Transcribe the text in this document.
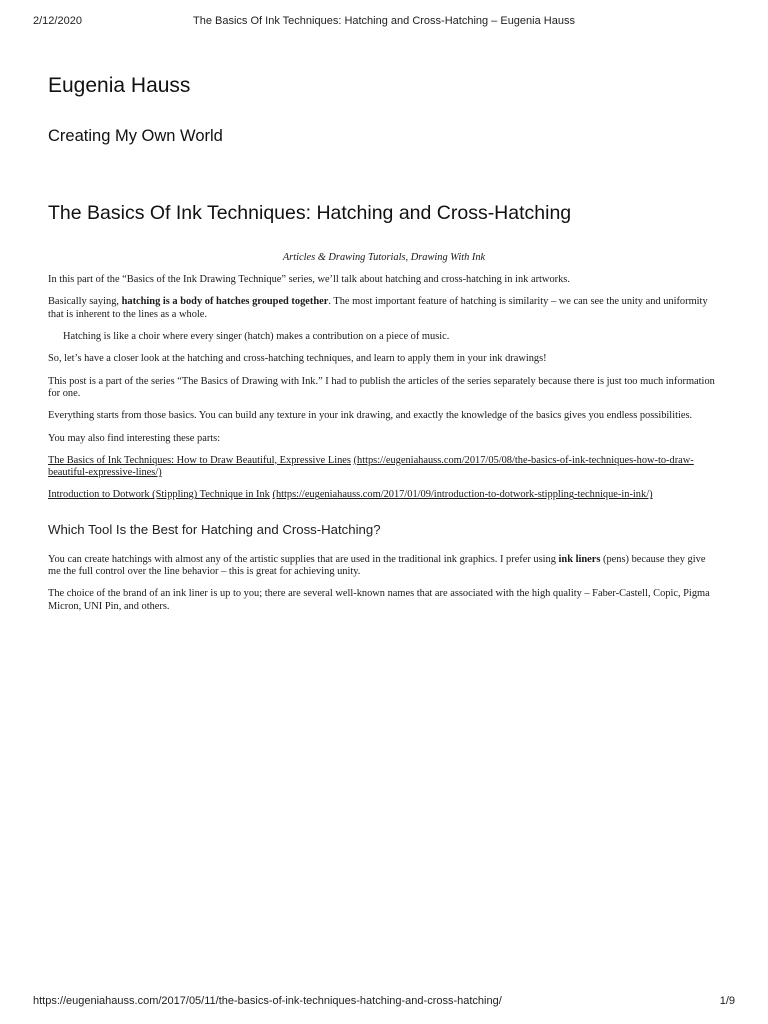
2/12/2020	The Basics Of Ink Techniques: Hatching and Cross-Hatching – Eugenia Hauss
Eugenia Hauss
Creating My Own World
The Basics Of Ink Techniques: Hatching and Cross-Hatching

Articles & Drawing Tutorials, Drawing With Ink

In this part of the “Basics of the Ink Drawing Technique” series, we’ll talk about hatching and cross-hatching in ink artworks.

Basically saying, hatching is a body of hatches grouped together. The most important feature of hatching is similarity – we can see the unity and uniformity that is inherent to the lines as a whole.

Hatching is like a choir where every singer (hatch) makes a contribution on a piece of music.

So, let’s have a closer look at the hatching and cross-hatching techniques, and learn to apply them in your ink drawings!

This post is a part of the series “The Basics of Drawing with Ink.” I had to publish the articles of the series separately because there is just too much information for one.

Everything starts from those basics. You can build any texture in your ink drawing, and exactly the knowledge of the basics gives you endless possibilities.

You may also find interesting these parts:

The Basics of Ink Techniques: How to Draw Beautiful, Expressive Lines (https://eugeniahauss.com/2017/05/08/the-basics-of-ink-techniques-how-to-draw-beautiful-expressive-lines/)

Introduction to Dotwork (Stippling) Technique in Ink (https://eugeniahauss.com/2017/01/09/introduction-to-dotwork-stippling-technique-in-ink/)

Which Tool Is the Best for Hatching and Cross-Hatching?

You can create hatchings with almost any of the artistic supplies that are used in the traditional ink graphics. I prefer using ink liners (pens) because they give me the full control over the line behavior – this is great for achieving unity.

The choice of the brand of an ink liner is up to you; there are several well-known names that are associated with the high quality – Faber-Castell, Copic, Pigma Micron, UNI Pin, and others.

https://eugeniahauss.com/2017/05/11/the-basics-of-ink-techniques-hatching-and-cross-hatching/	1/9
